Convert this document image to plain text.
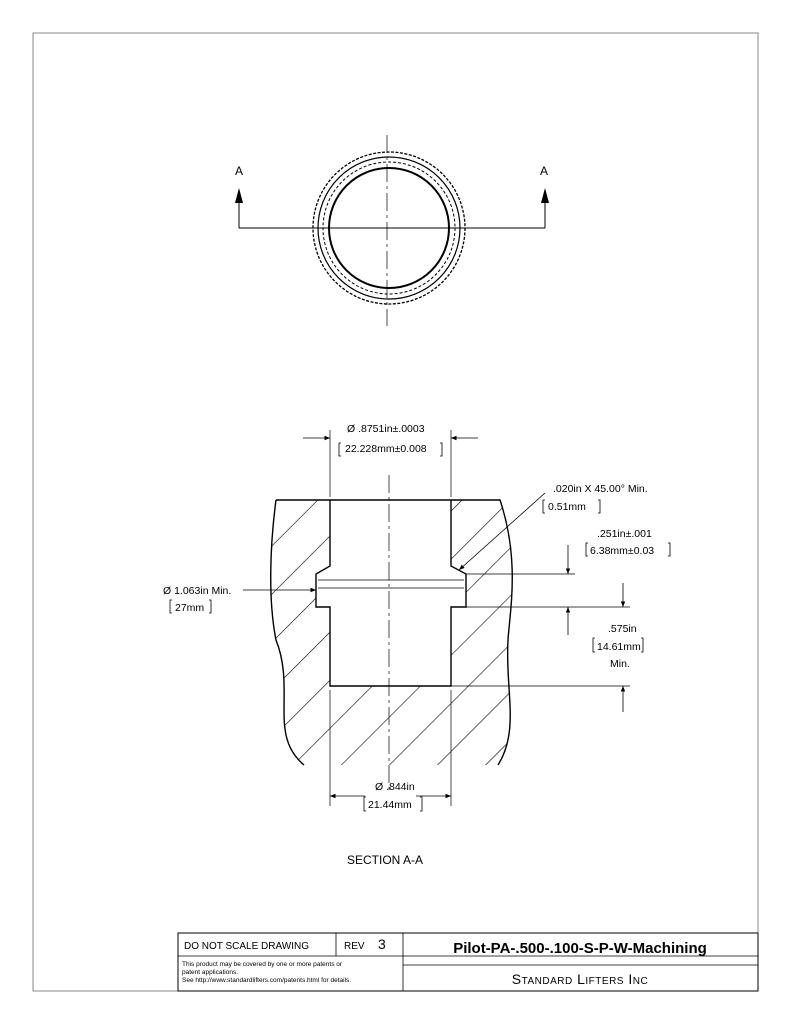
A	A
Ø .8751in±.0003
22.228mm±0.008
.020in X 45.00° Min.
0.51mm
.251in±.001
6.38mm±0.03
Ø 1.063in Min.
27mm
.575in
14.61mm
Min.
Ø .844in
21.44mm
SECTION A-A
DO NOT SCALE DRAWING	REV 3
This product may be covered by one or more patents or
patent applications.
See http://www.standardlifters.com/patents.html for details.
Pilot-PA-.500-.100-S-P-W-Machining
Standard Lifters Inc
